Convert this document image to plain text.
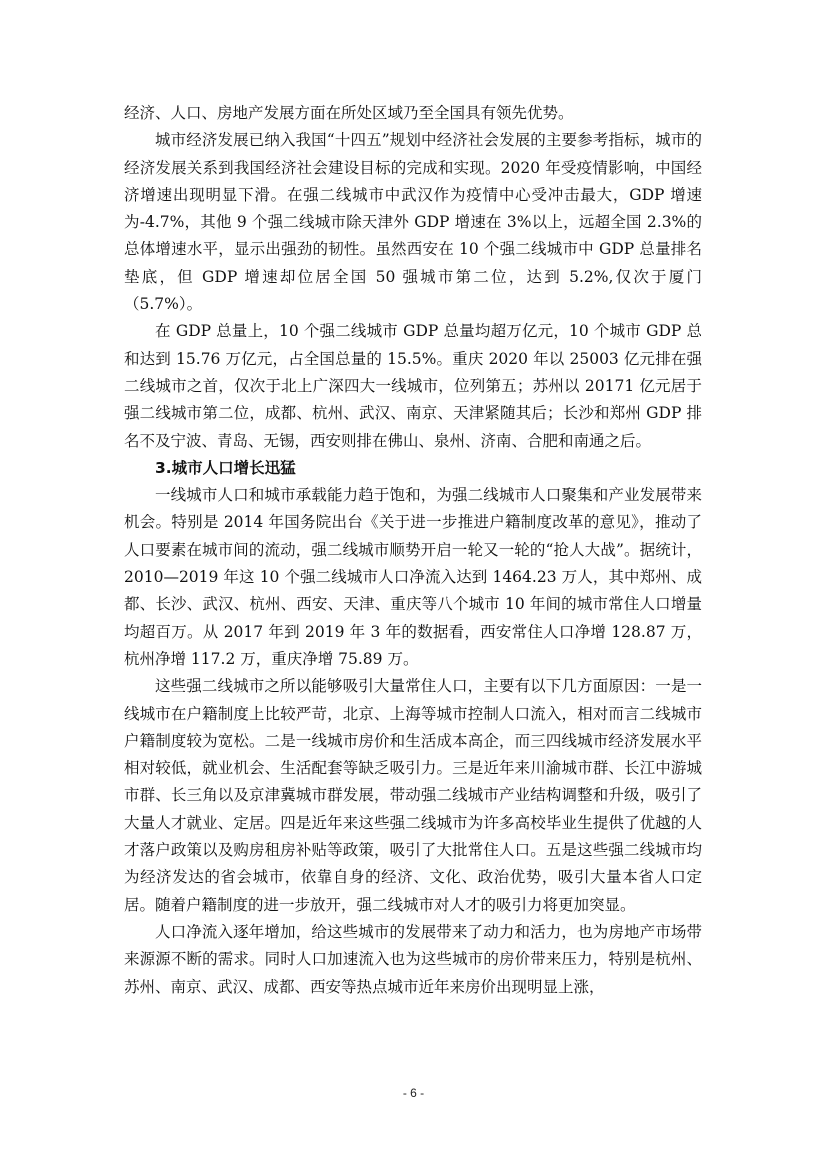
经济、人口、房地产发展方面在所处区域乃至全国具有领先优势。

城市经济发展已纳入我国“十四五”规划中经济社会发展的主要参考指标，城市的经济发展关系到我国经济社会建设目标的完成和实现。2020 年受疫情影响，中国经济增速出现明显下滑。在强二线城市中武汉作为疫情中心受冲击最大，GDP 增速为-4.7%，其他 9 个强二线城市除天津外 GDP 增速在 3%以上，远超全国 2.3%的总体增速水平，显示出强劲的韧性。虽然西安在 10 个强二线城市中 GDP 总量排名垫底，但 GDP 增速却位居全国 50 强城市第二位，达到 5.2%,仅次于厦门（5.7%）。

在 GDP 总量上，10 个强二线城市 GDP 总量均超万亿元，10 个城市 GDP 总和达到 15.76 万亿元，占全国总量的 15.5%。重庆 2020 年以 25003 亿元排在强二线城市之首，仅次于北上广深四大一线城市，位列第五；苏州以 20171 亿元居于强二线城市第二位，成都、杭州、武汉、南京、天津紧随其后；长沙和郑州 GDP 排名不及宁波、青岛、无锡，西安则排在佛山、泉州、济南、合肥和南通之后。

3.城市人口增长迅猛

一线城市人口和城市承载能力趋于饱和，为强二线城市人口聚集和产业发展带来机会。特别是 2014 年国务院出台《关于进一步推进户籍制度改革的意见》，推动了人口要素在城市间的流动，强二线城市顺势开启一轮又一轮的“抢人大战”。据统计，2010—2019 年这 10 个强二线城市人口净流入达到 1464.23 万人，其中郑州、成都、长沙、武汉、杭州、西安、天津、重庆等八个城市 10 年间的城市常住人口增量均超百万。从 2017 年到 2019 年 3 年的数据看，西安常住人口净增 128.87 万，杭州净增 117.2 万，重庆净增 75.89 万。

这些强二线城市之所以能够吸引大量常住人口，主要有以下几方面原因：一是一线城市在户籍制度上比较严苛，北京、上海等城市控制人口流入，相对而言二线城市户籍制度较为宽松。二是一线城市房价和生活成本高企，而三四线城市经济发展水平相对较低，就业机会、生活配套等缺乏吸引力。三是近年来川渝城市群、长江中游城市群、长三角以及京津冀城市群发展，带动强二线城市产业结构调整和升级，吸引了大量人才就业、定居。四是近年来这些强二线城市为许多高校毕业生提供了优越的人才落户政策以及购房租房补贴等政策，吸引了大批常住人口。五是这些强二线城市均为经济发达的省会城市，依靠自身的经济、文化、政治优势，吸引大量本省人口定居。随着户籍制度的进一步放开，强二线城市对人才的吸引力将更加突显。

人口净流入逐年增加，给这些城市的发展带来了动力和活力，也为房地产市场带来源源不断的需求。同时人口加速流入也为这些城市的房价带来压力，特别是杭州、苏州、南京、武汉、成都、西安等热点城市近年来房价出现明显上涨，

- 6 -
